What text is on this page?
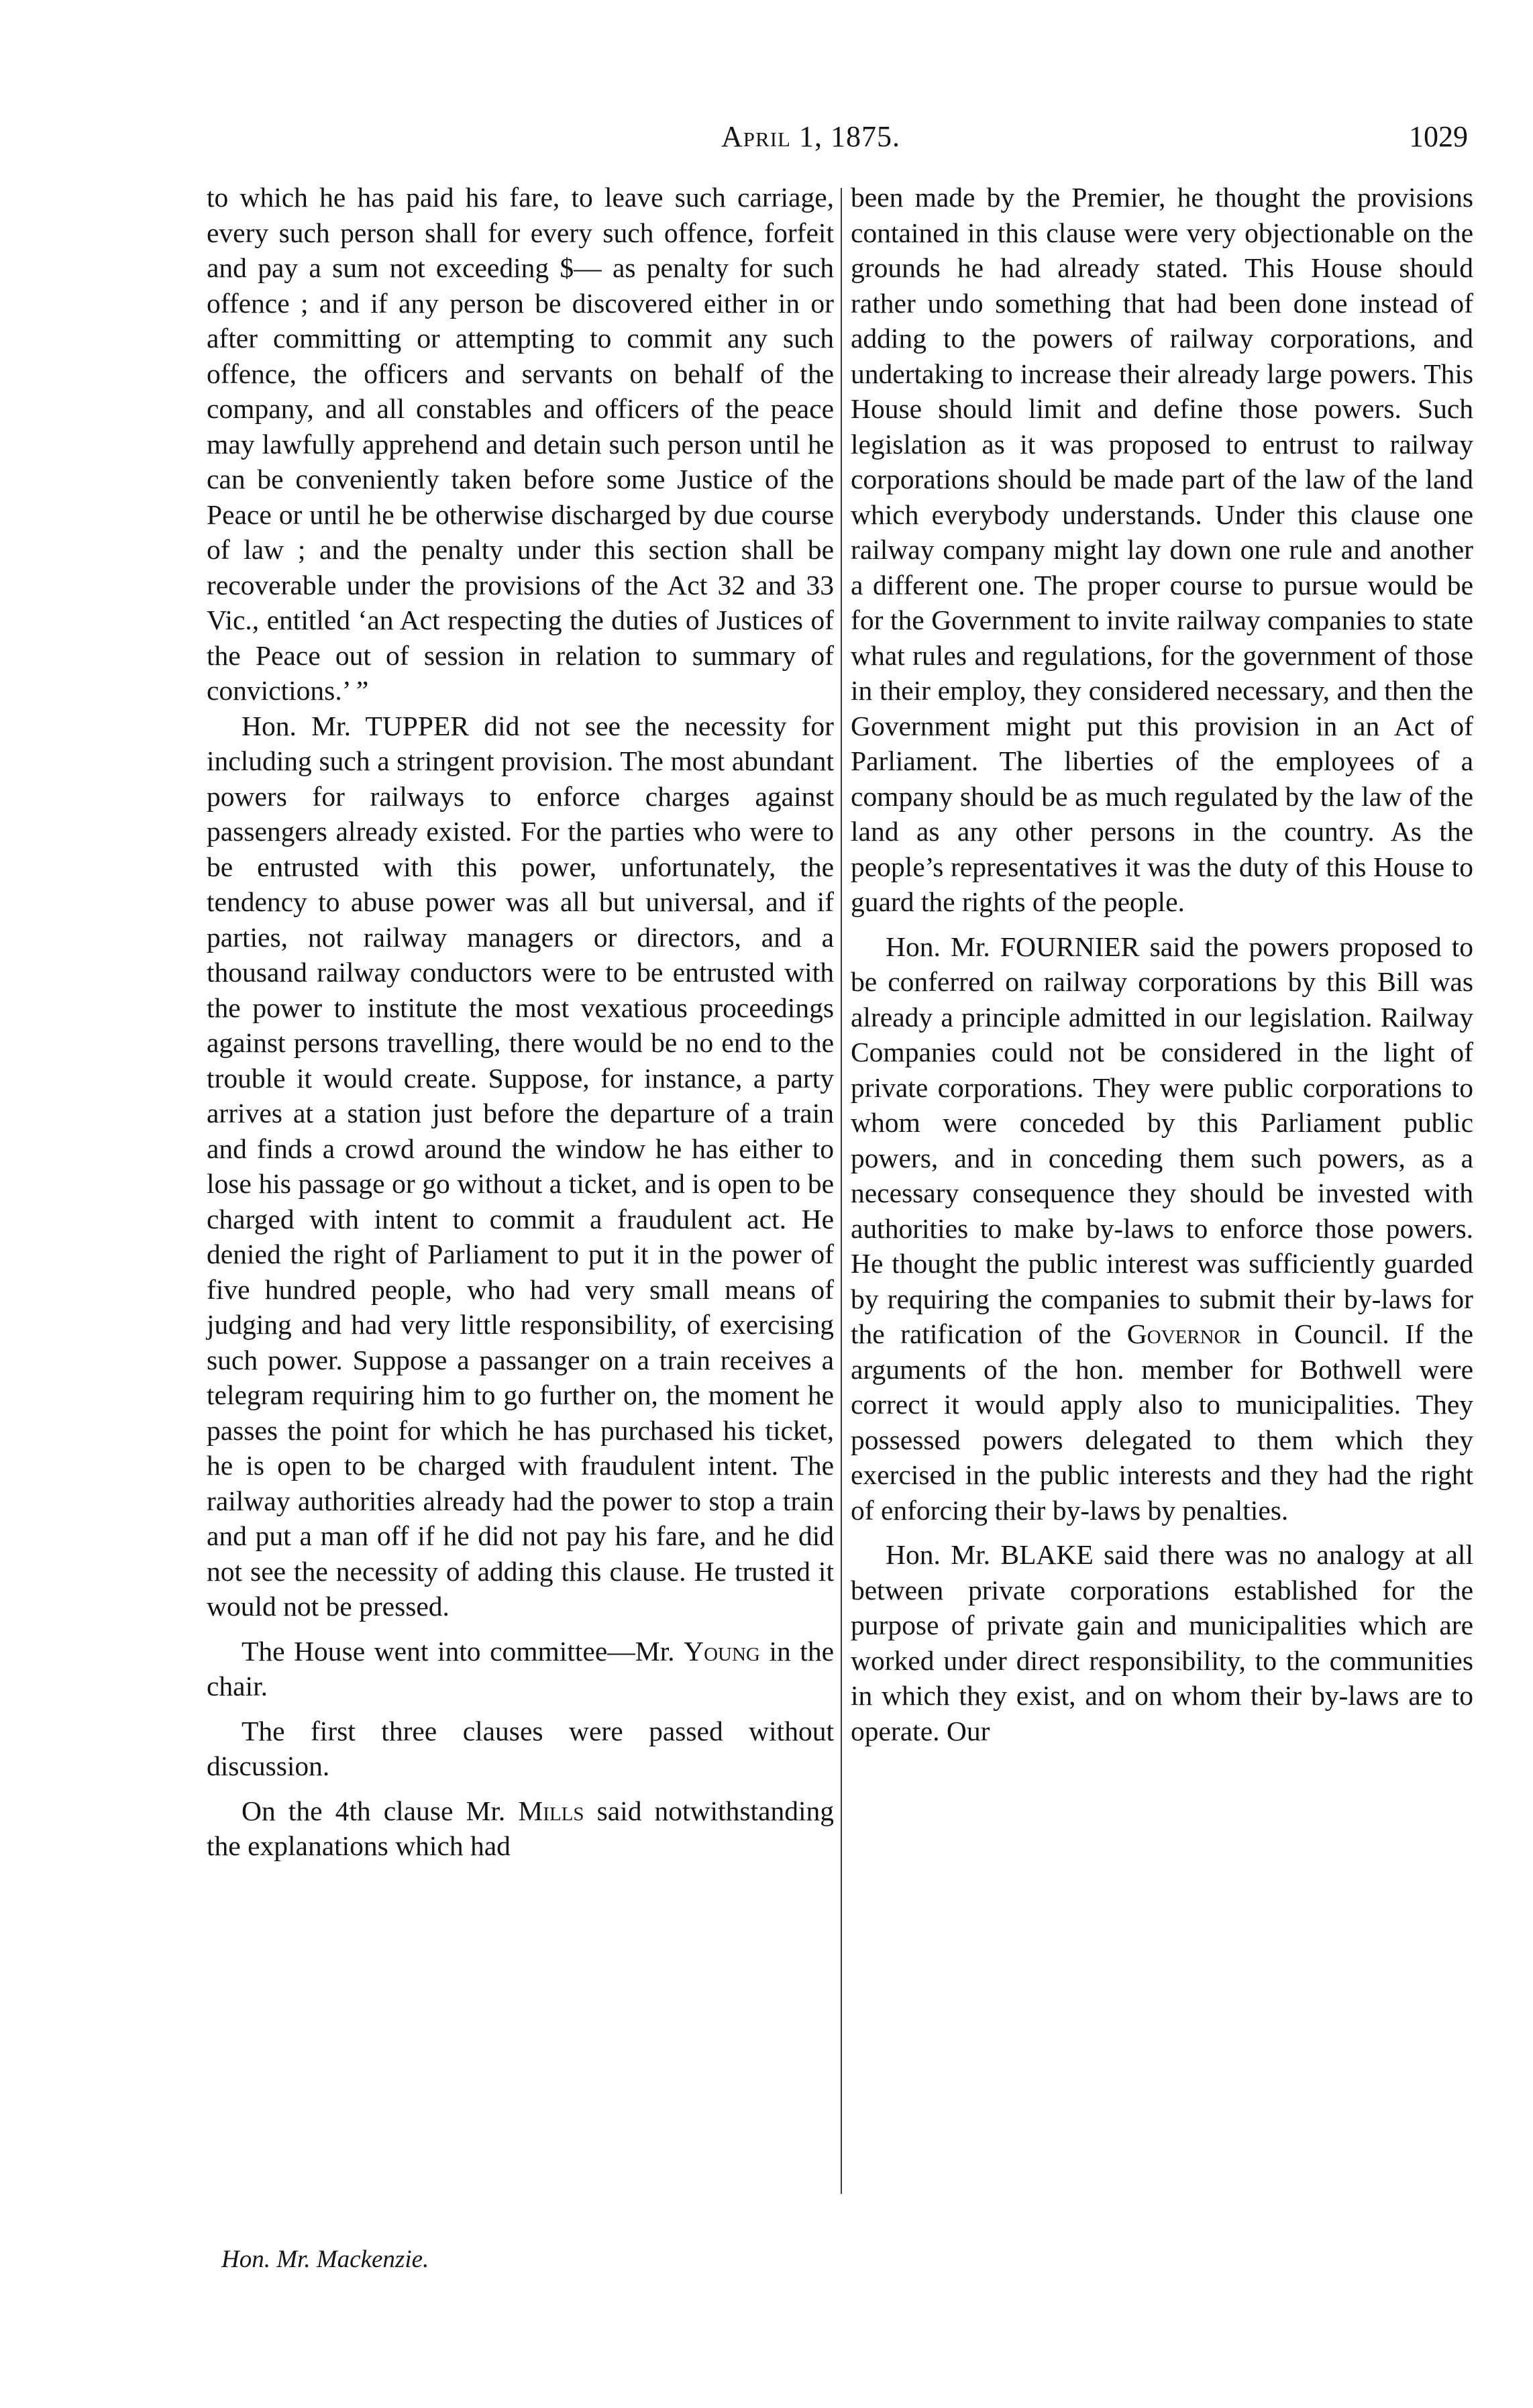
April 1, 1875.	1029

to which he has paid his fare, to leave such carriage, every such person shall for every such offence, forfeit and pay a sum not exceeding $— as penalty for such offence ; and if any person be discovered either in or after committing or attempting to commit any such offence, the officers and servants on behalf of the company, and all constables and officers of the peace may lawfully apprehend and detain such person until he can be conveniently taken before some Justice of the Peace or until he be otherwise discharged by due course of law ; and the penalty under this section shall be recoverable under the provisions of the Act 32 and 33 Vic., entitled ‘an Act respecting the duties of Justices of the Peace out of session in relation to summary of convictions.’ ”

Hon. Mr. TUPPER did not see the necessity for including such a stringent provision. The most abundant powers for railways to enforce charges against passengers already existed. For the parties who were to be entrusted with this power, unfortunately, the tendency to abuse power was all but universal, and if parties, not railway managers or directors, and a thousand railway conductors were to be entrusted with the power to institute the most vexatious proceedings against persons travelling, there would be no end to the trouble it would create. Suppose, for instance, a party arrives at a station just before the departure of a train and finds a crowd around the window he has either to lose his passage or go without a ticket, and is open to be charged with intent to commit a fraudulent act. He denied the right of Parliament to put it in the power of five hundred people, who had very small means of judging and had very little responsibility, of exercising such power. Suppose a passanger on a train receives a telegram requiring him to go further on, the moment he passes the point for which he has purchased his ticket, he is open to be charged with fraudulent intent. The railway authorities already had the power to stop a train and put a man off if he did not pay his fare, and he did not see the necessity of adding this clause. He trusted it would not be pressed.

The House went into committee—Mr. Young in the chair.

The first three clauses were passed without discussion.

On the 4th clause Mr. Mills said notwithstanding the explanations which had

been made by the Premier, he thought the provisions contained in this clause were very objectionable on the grounds he had already stated. This House should rather undo something that had been done instead of adding to the powers of railway corporations, and undertaking to increase their already large powers. This House should limit and define those powers. Such legislation as it was proposed to entrust to railway corporations should be made part of the law of the land which everybody understands. Under this clause one railway company might lay down one rule and another a different one. The proper course to pursue would be for the Government to invite railway companies to state what rules and regulations, for the government of those in their employ, they considered necessary, and then the Government might put this provision in an Act of Parliament. The liberties of the employees of a company should be as much regulated by the law of the land as any other persons in the country. As the people’s representatives it was the duty of this House to guard the rights of the people.

Hon. Mr. FOURNIER said the powers proposed to be conferred on railway corporations by this Bill was already a principle admitted in our legislation. Railway Companies could not be considered in the light of private corporations. They were public corporations to whom were conceded by this Parliament public powers, and in conceding them such powers, as a necessary consequence they should be invested with authorities to make by-laws to enforce those powers. He thought the public interest was sufficiently guarded by requiring the companies to submit their by-laws for the ratification of the Governor in Council. If the arguments of the hon. member for Bothwell were correct it would apply also to municipalities. They possessed powers delegated to them which they exercised in the public interests and they had the right of enforcing their by-laws by penalties.

Hon. Mr. BLAKE said there was no analogy at all between private corporations established for the purpose of private gain and municipalities which are worked under direct responsibility, to the communities in which they exist, and on whom their by-laws are to operate. Our

Hon. Mr. Mackenzie.
